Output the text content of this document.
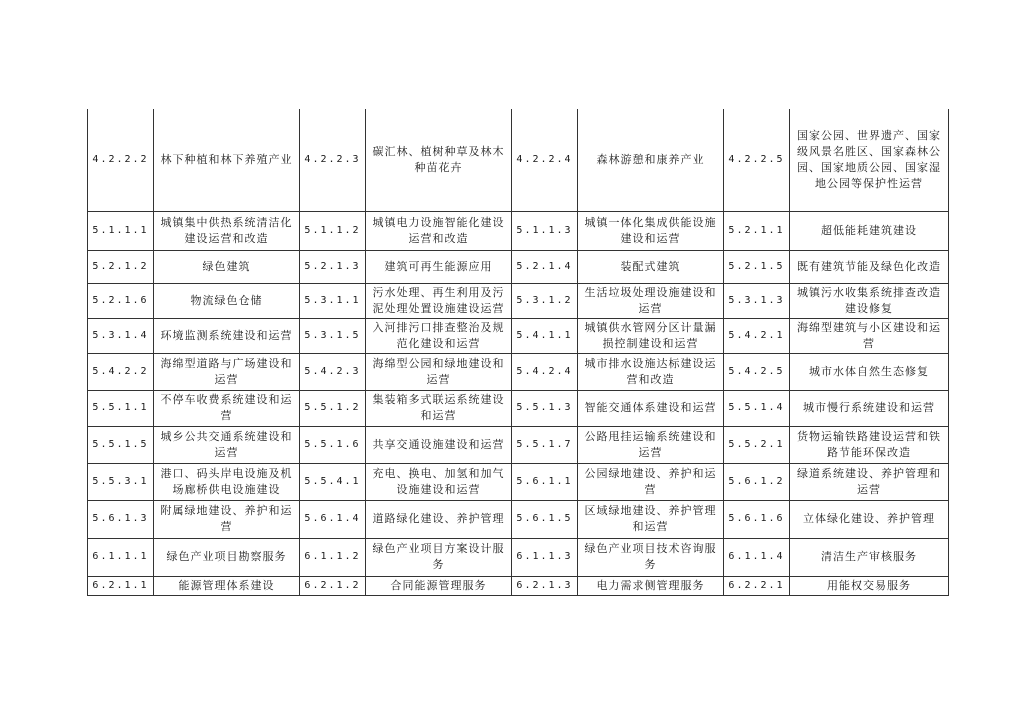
4.2.2.2	林下种植和林下养殖产业	4.2.2.3	碳汇林、植树种草及林木种苗花卉	4.2.2.4	森林游憩和康养产业	4.2.2.5	国家公园、世界遗产、国家级风景名胜区、国家森林公园、国家地质公园、国家湿地公园等保护性运营
5.1.1.1	城镇集中供热系统清洁化建设运营和改造	5.1.1.2	城镇电力设施智能化建设运营和改造	5.1.1.3	城镇一体化集成供能设施建设和运营	5.2.1.1	超低能耗建筑建设
5.2.1.2	绿色建筑	5.2.1.3	建筑可再生能源应用	5.2.1.4	装配式建筑	5.2.1.5	既有建筑节能及绿色化改造
5.2.1.6	物流绿色仓储	5.3.1.1	污水处理、再生利用及污泥处理处置设施建设运营	5.3.1.2	生活垃圾处理设施建设和运营	5.3.1.3	城镇污水收集系统排查改造建设修复
5.3.1.4	环境监测系统建设和运营	5.3.1.5	入河排污口排查整治及规范化建设和运营	5.4.1.1	城镇供水管网分区计量漏损控制建设和运营	5.4.2.1	海绵型建筑与小区建设和运营
5.4.2.2	海绵型道路与广场建设和运营	5.4.2.3	海绵型公园和绿地建设和运营	5.4.2.4	城市排水设施达标建设运营和改造	5.4.2.5	城市水体自然生态修复
5.5.1.1	不停车收费系统建设和运营	5.5.1.2	集装箱多式联运系统建设和运营	5.5.1.3	智能交通体系建设和运营	5.5.1.4	城市慢行系统建设和运营
5.5.1.5	城乡公共交通系统建设和运营	5.5.1.6	共享交通设施建设和运营	5.5.1.7	公路甩挂运输系统建设和运营	5.5.2.1	货物运输铁路建设运营和铁路节能环保改造
5.5.3.1	港口、码头岸电设施及机场廊桥供电设施建设	5.5.4.1	充电、换电、加氢和加气设施建设和运营	5.6.1.1	公园绿地建设、养护和运营	5.6.1.2	绿道系统建设、养护管理和运营
5.6.1.3	附属绿地建设、养护和运营	5.6.1.4	道路绿化建设、养护管理	5.6.1.5	区域绿地建设、养护管理和运营	5.6.1.6	立体绿化建设、养护管理
6.1.1.1	绿色产业项目勘察服务	6.1.1.2	绿色产业项目方案设计服务	6.1.1.3	绿色产业项目技术咨询服务	6.1.1.4	清洁生产审核服务
6.2.1.1	能源管理体系建设	6.2.1.2	合同能源管理服务	6.2.1.3	电力需求侧管理服务	6.2.2.1	用能权交易服务
